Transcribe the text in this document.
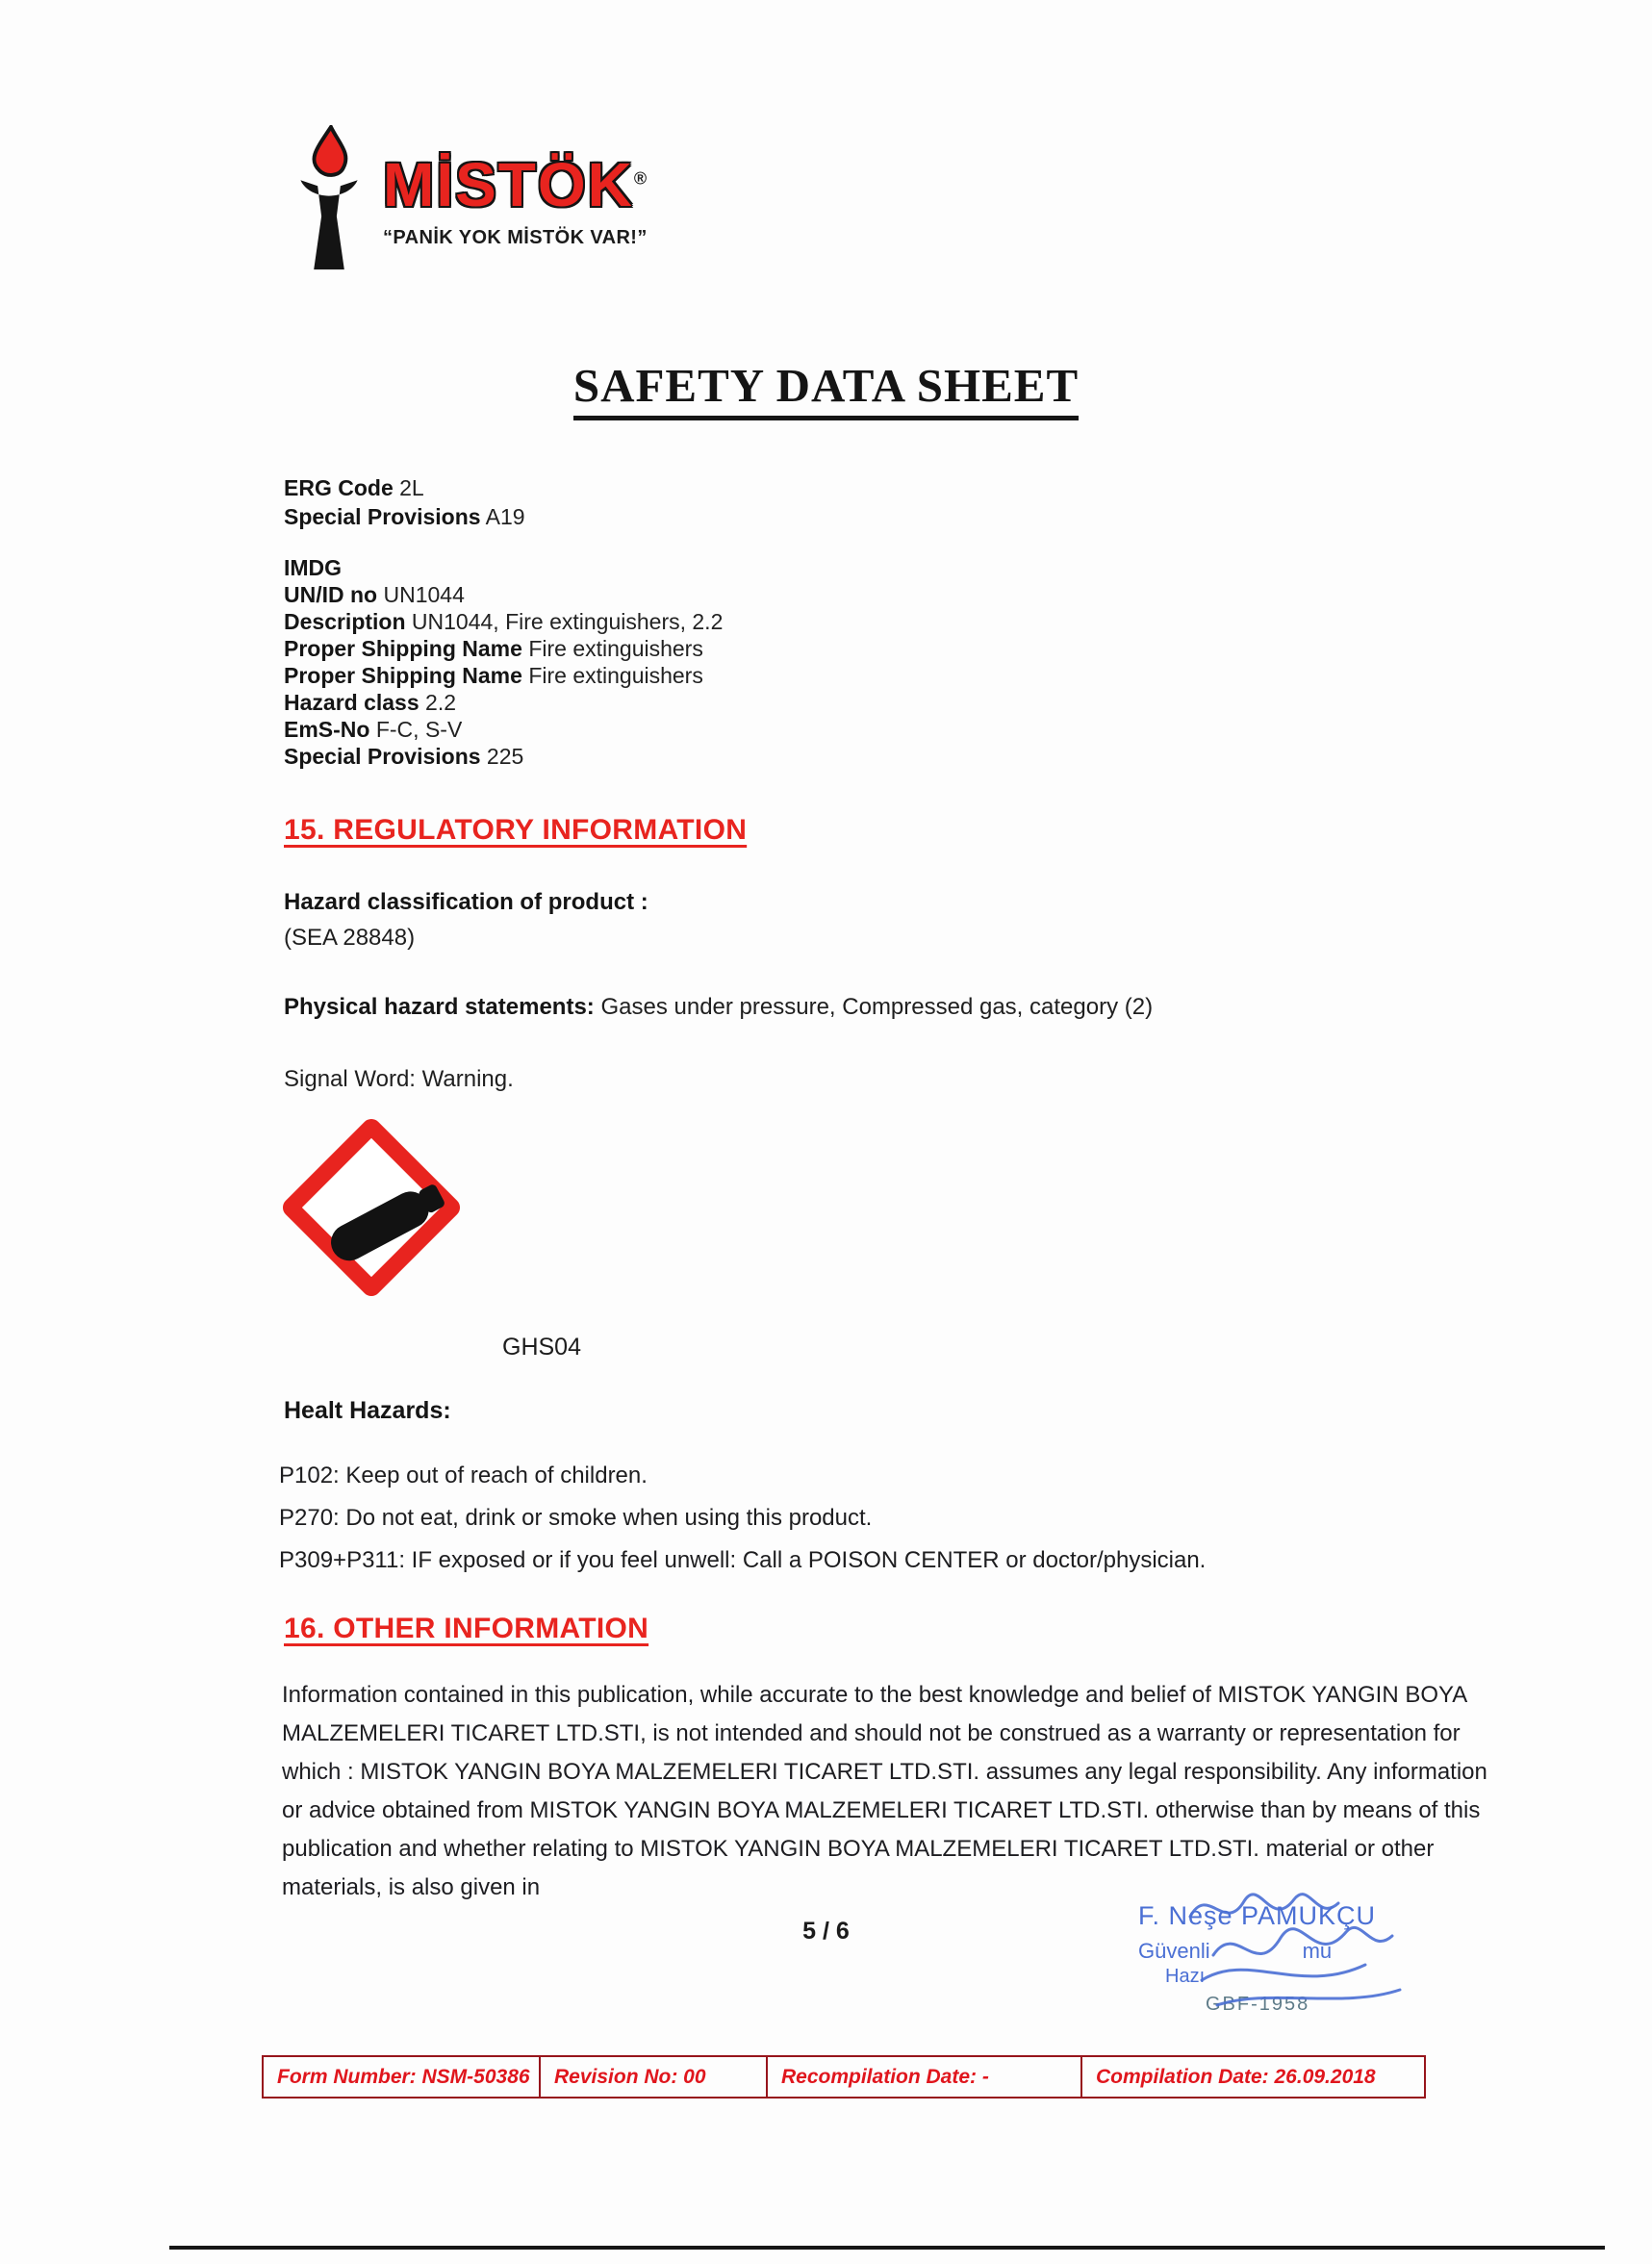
MİSTÖK®
“PANİK YOK MİSTÖK VAR!”
SAFETY DATA SHEET
ERG Code 2L
Special Provisions A19
IMDG
UN/ID no UN1044
Description UN1044, Fire extinguishers, 2.2
Proper Shipping Name Fire extinguishers
Proper Shipping Name Fire extinguishers
Hazard class 2.2
EmS-No F-C, S-V
Special Provisions 225
15. REGULATORY INFORMATION
Hazard classification of product :
(SEA 28848)
Physical hazard statements: Gases under pressure, Compressed gas, category (2)
Signal Word: Warning.
GHS04
Healt Hazards:
P102: Keep out of reach of children.
P270: Do not eat, drink or smoke when using this product.
P309+P311: IF exposed or if you feel unwell: Call a POISON CENTER or doctor/physician.
16. OTHER INFORMATION

Information contained in this publication, while accurate to the best knowledge and belief of MISTOK YANGIN BOYA MALZEMELERI TICARET LTD.STI, is not intended and should not be construed as a warranty or representation for which : MISTOK YANGIN BOYA MALZEMELERI TICARET LTD.STI. assumes any legal responsibility. Any information or advice obtained from MISTOK YANGIN BOYA MALZEMELERI TICARET LTD.STI. otherwise than by means of this publication and whether relating to MISTOK YANGIN BOYA MALZEMELERI TICARET LTD.STI. material or other materials, is also given in

5 / 6
F. Neşe PAMUKÇU
Güvenli	mu
Hazı
GBF-1958
Form Number: NSM-50386	Revision No: 00	Recompilation Date: -	Compilation Date: 26.09.2018
